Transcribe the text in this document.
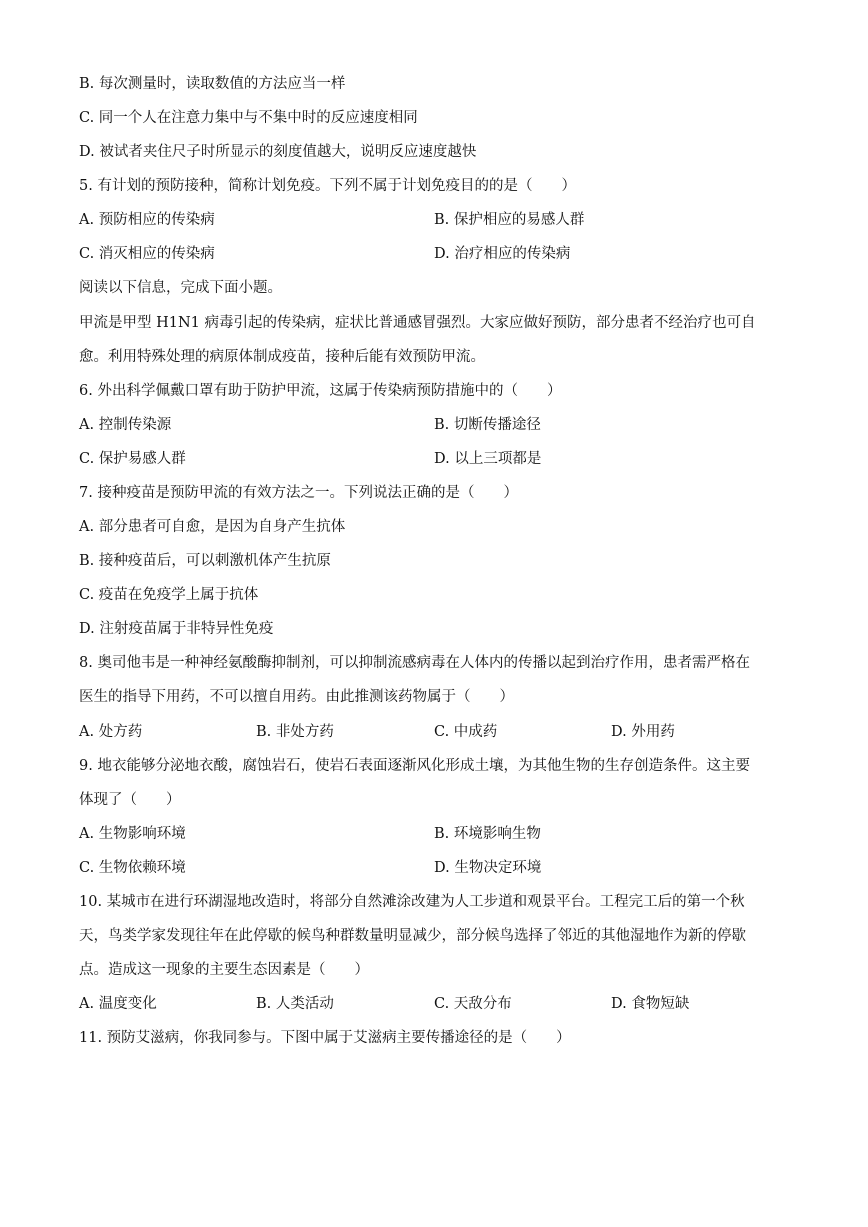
B. 每次测量时，读取数值的方法应当一样
C. 同一个人在注意力集中与不集中时的反应速度相同
D. 被试者夹住尺子时所显示的刻度值越大，说明反应速度越快
5. 有计划的预防接种，简称计划免疫。下列不属于计划免疫目的的是（　　）
A. 预防相应的传染病	B. 保护相应的易感人群
C. 消灭相应的传染病	D. 治疗相应的传染病
阅读以下信息，完成下面小题。
甲流是甲型 H1N1 病毒引起的传染病，症状比普通感冒强烈。大家应做好预防，部分患者不经治疗也可自
愈。利用特殊处理的病原体制成疫苗，接种后能有效预防甲流。
6. 外出科学佩戴口罩有助于防护甲流，这属于传染病预防措施中的（　　）
A. 控制传染源	B. 切断传播途径
C. 保护易感人群	D. 以上三项都是
7. 接种疫苗是预防甲流的有效方法之一。下列说法正确的是（　　）
A. 部分患者可自愈，是因为自身产生抗体
B. 接种疫苗后，可以刺激机体产生抗原
C. 疫苗在免疫学上属于抗体
D. 注射疫苗属于非特异性免疫
8. 奥司他韦是一种神经氨酸酶抑制剂，可以抑制流感病毒在人体内的传播以起到治疗作用，患者需严格在
医生的指导下用药，不可以擅自用药。由此推测该药物属于（　　）
A. 处方药	B. 非处方药	C. 中成药	D. 外用药
9. 地衣能够分泌地衣酸，腐蚀岩石，使岩石表面逐渐风化形成土壤，为其他生物的生存创造条件。这主要
体现了（　　）
A. 生物影响环境	B. 环境影响生物
C. 生物依赖环境	D. 生物决定环境
10. 某城市在进行环湖湿地改造时，将部分自然滩涂改建为人工步道和观景平台。工程完工后的第一个秋
天，鸟类学家发现往年在此停歇的候鸟种群数量明显减少，部分候鸟选择了邻近的其他湿地作为新的停歇
点。造成这一现象的主要生态因素是（　　）
A. 温度变化	B. 人类活动	C. 天敌分布	D. 食物短缺
11. 预防艾滋病，你我同参与。下图中属于艾滋病主要传播途径的是（　　）
